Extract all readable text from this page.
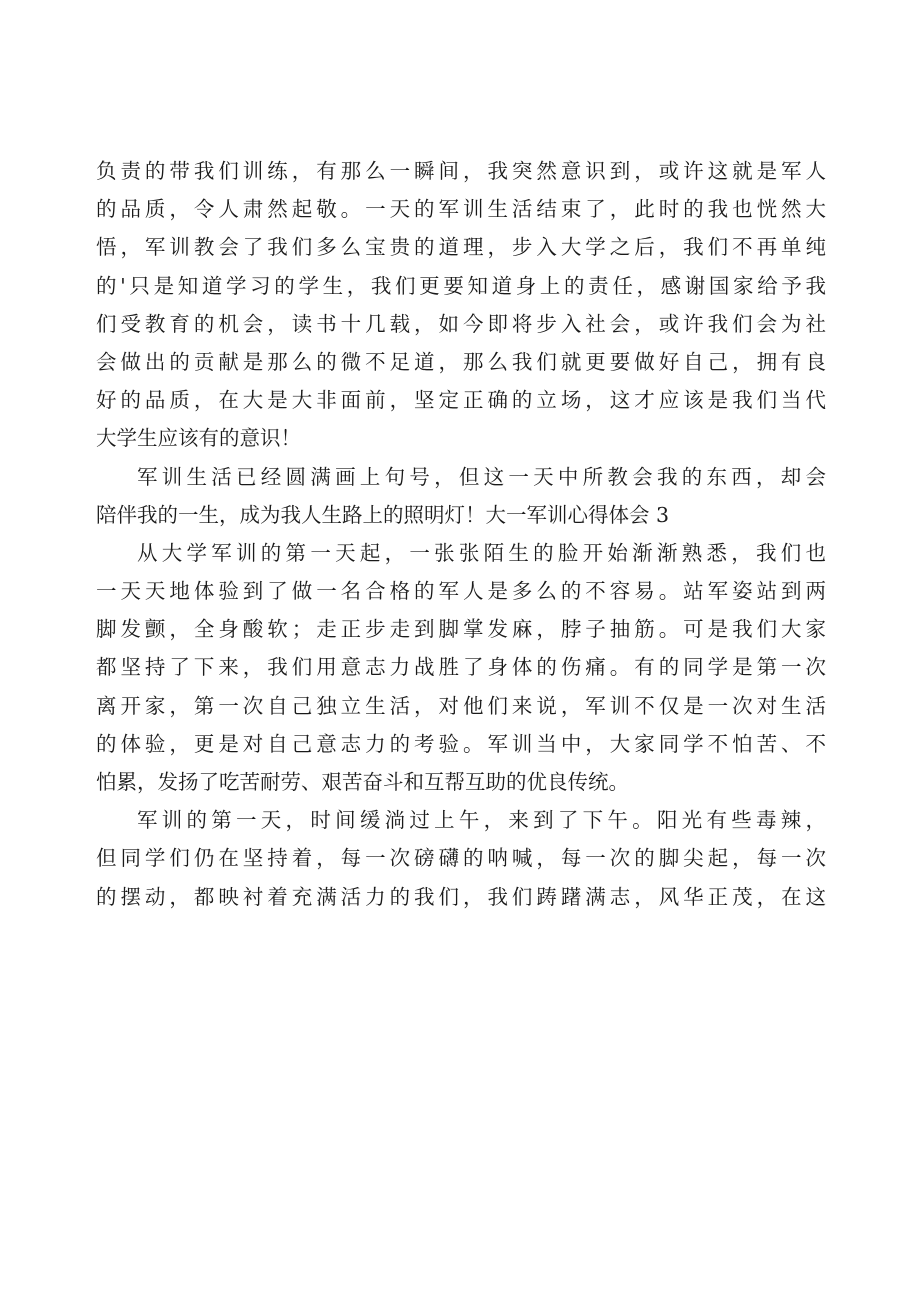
负责的带我们训练，有那么一瞬间，我突然意识到，或许这就是军人
的品质，令人肃然起敬。一天的军训生活结束了，此时的我也恍然大
悟，军训教会了我们多么宝贵的道理，步入大学之后，我们不再单纯
的'只是知道学习的学生，我们更要知道身上的责任，感谢国家给予我
们受教育的机会，读书十几载，如今即将步入社会，或许我们会为社
会做出的贡献是那么的微不足道，那么我们就更要做好自己，拥有良
好的品质，在大是大非面前，坚定正确的立场，这才应该是我们当代
大学生应该有的意识！
军训生活已经圆满画上句号，但这一天中所教会我的东西，却会
陪伴我的一生，成为我人生路上的照明灯！大一军训心得体会 3
从大学军训的第一天起，一张张陌生的脸开始渐渐熟悉，我们也
一天天地体验到了做一名合格的军人是多么的不容易。站军姿站到两
脚发颤，全身酸软；走正步走到脚掌发麻，脖子抽筋。可是我们大家
都坚持了下来，我们用意志力战胜了身体的伤痛。有的同学是第一次
离开家，第一次自己独立生活，对他们来说，军训不仅是一次对生活
的体验，更是对自己意志力的考验。军训当中，大家同学不怕苦、不
怕累，发扬了吃苦耐劳、艰苦奋斗和互帮互助的优良传统。
军训的第一天，时间缓淌过上午，来到了下午。阳光有些毒辣，
但同学们仍在坚持着，每一次磅礴的呐喊，每一次的脚尖起，每一次
的摆动，都映衬着充满活力的我们，我们踌躇满志，风华正茂，在这
